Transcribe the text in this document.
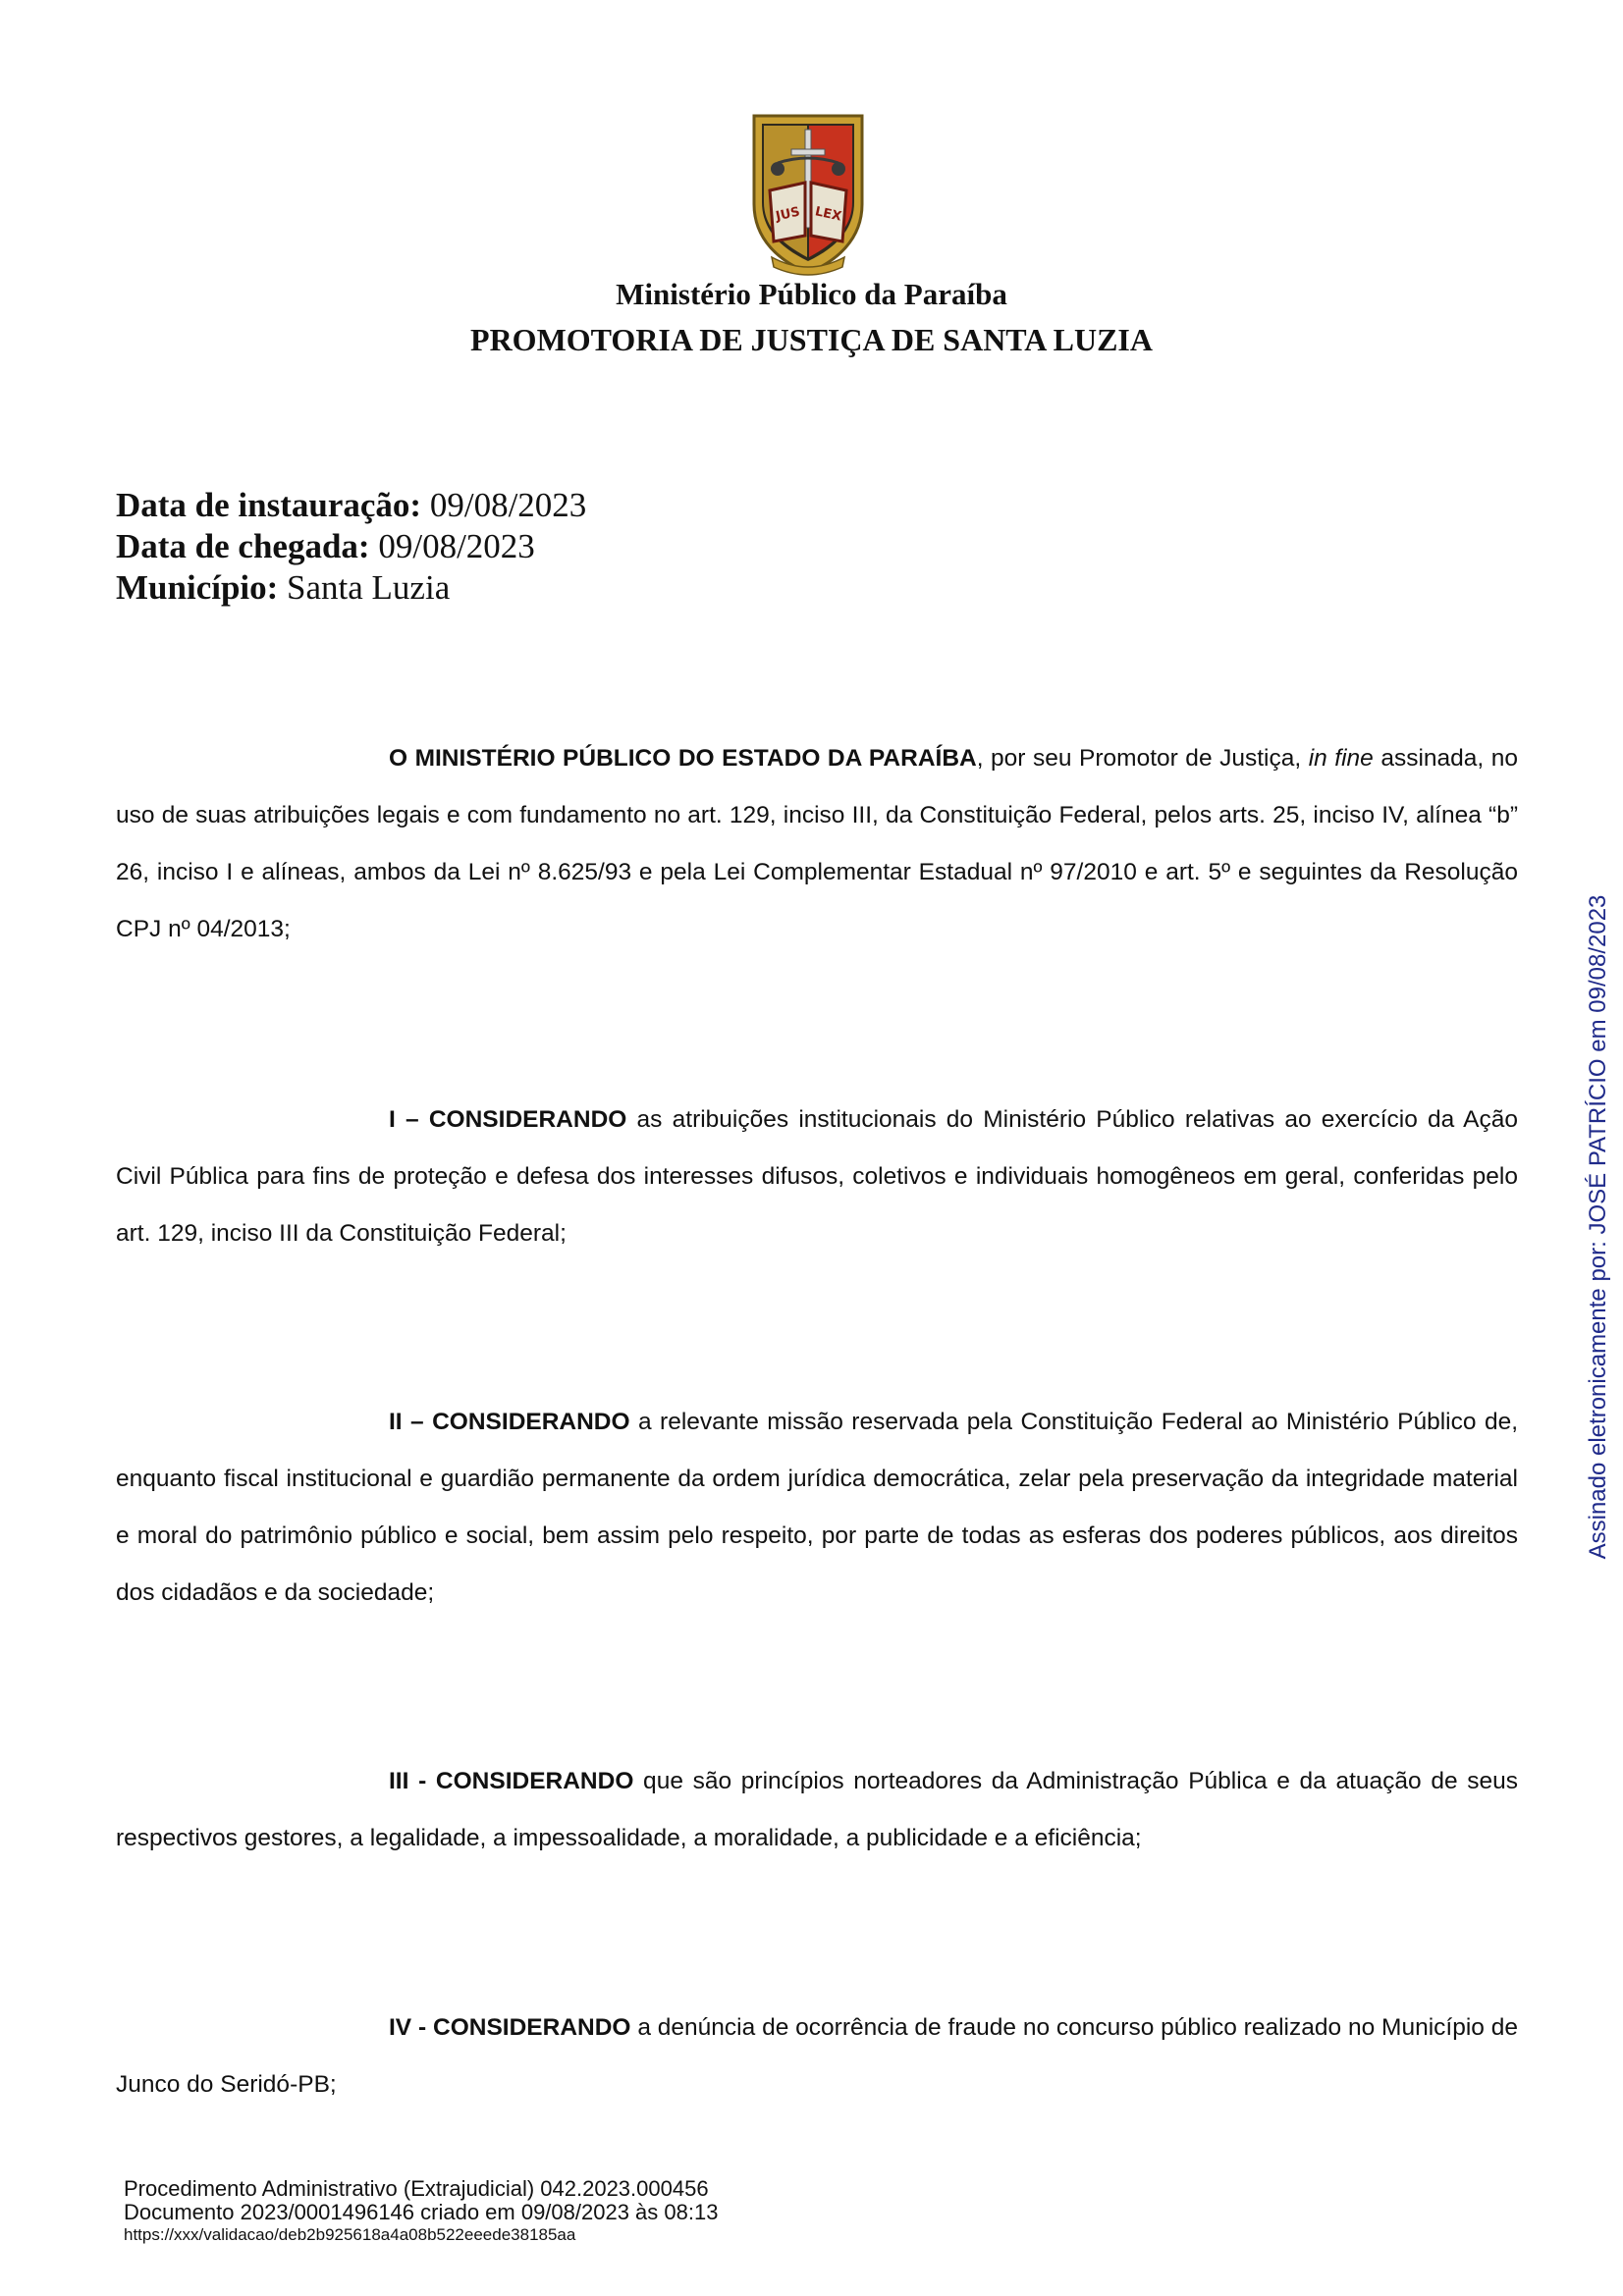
JUS LEX
Ministério Público da Paraíba
PROMOTORIA DE JUSTIÇA DE SANTA LUZIA
Data de instauração: 09/08/2023
Data de chegada: 09/08/2023
Município: Santa Luzia
O MINISTÉRIO PÚBLICO DO ESTADO DA PARAÍBA, por seu Promotor de Justiça, in fine assinada, no uso de suas atribuições legais e com fundamento no art. 129, inciso III, da Constituição Federal, pelos arts. 25, inciso IV, alínea “b” 26, inciso I e alíneas, ambos da Lei nº 8.625/93 e pela Lei Complementar Estadual nº 97/2010 e art. 5º e seguintes da Resolução CPJ nº 04/2013;
I – CONSIDERANDO as atribuições institucionais do Ministério Público relativas ao exercício da Ação Civil Pública para fins de proteção e defesa dos interesses difusos, coletivos e individuais homogêneos em geral, conferidas pelo art. 129, inciso III da Constituição Federal;
II – CONSIDERANDO a relevante missão reservada pela Constituição Federal ao Ministério Público de, enquanto fiscal institucional e guardião permanente da ordem jurídica democrática, zelar pela preservação da integridade material e moral do patrimônio público e social, bem assim pelo respeito, por parte de todas as esferas dos poderes públicos, aos direitos dos cidadãos e da sociedade;
III - CONSIDERANDO que são princípios norteadores da Administração Pública e da atuação de seus respectivos gestores, a legalidade, a impessoalidade, a moralidade, a publicidade e a eficiência;
IV - CONSIDERANDO a denúncia de ocorrência de fraude no concurso público realizado no Município de Junco do Seridó-PB;
Assinado eletronicamente por: JOSÉ PATRÍCIO em 09/08/2023
Procedimento Administrativo (Extrajudicial) 042.2023.000456
Documento 2023/0001496146 criado em 09/08/2023 às 08:13
https://xxx/validacao/deb2b925618a4a08b522eeede38185aa
